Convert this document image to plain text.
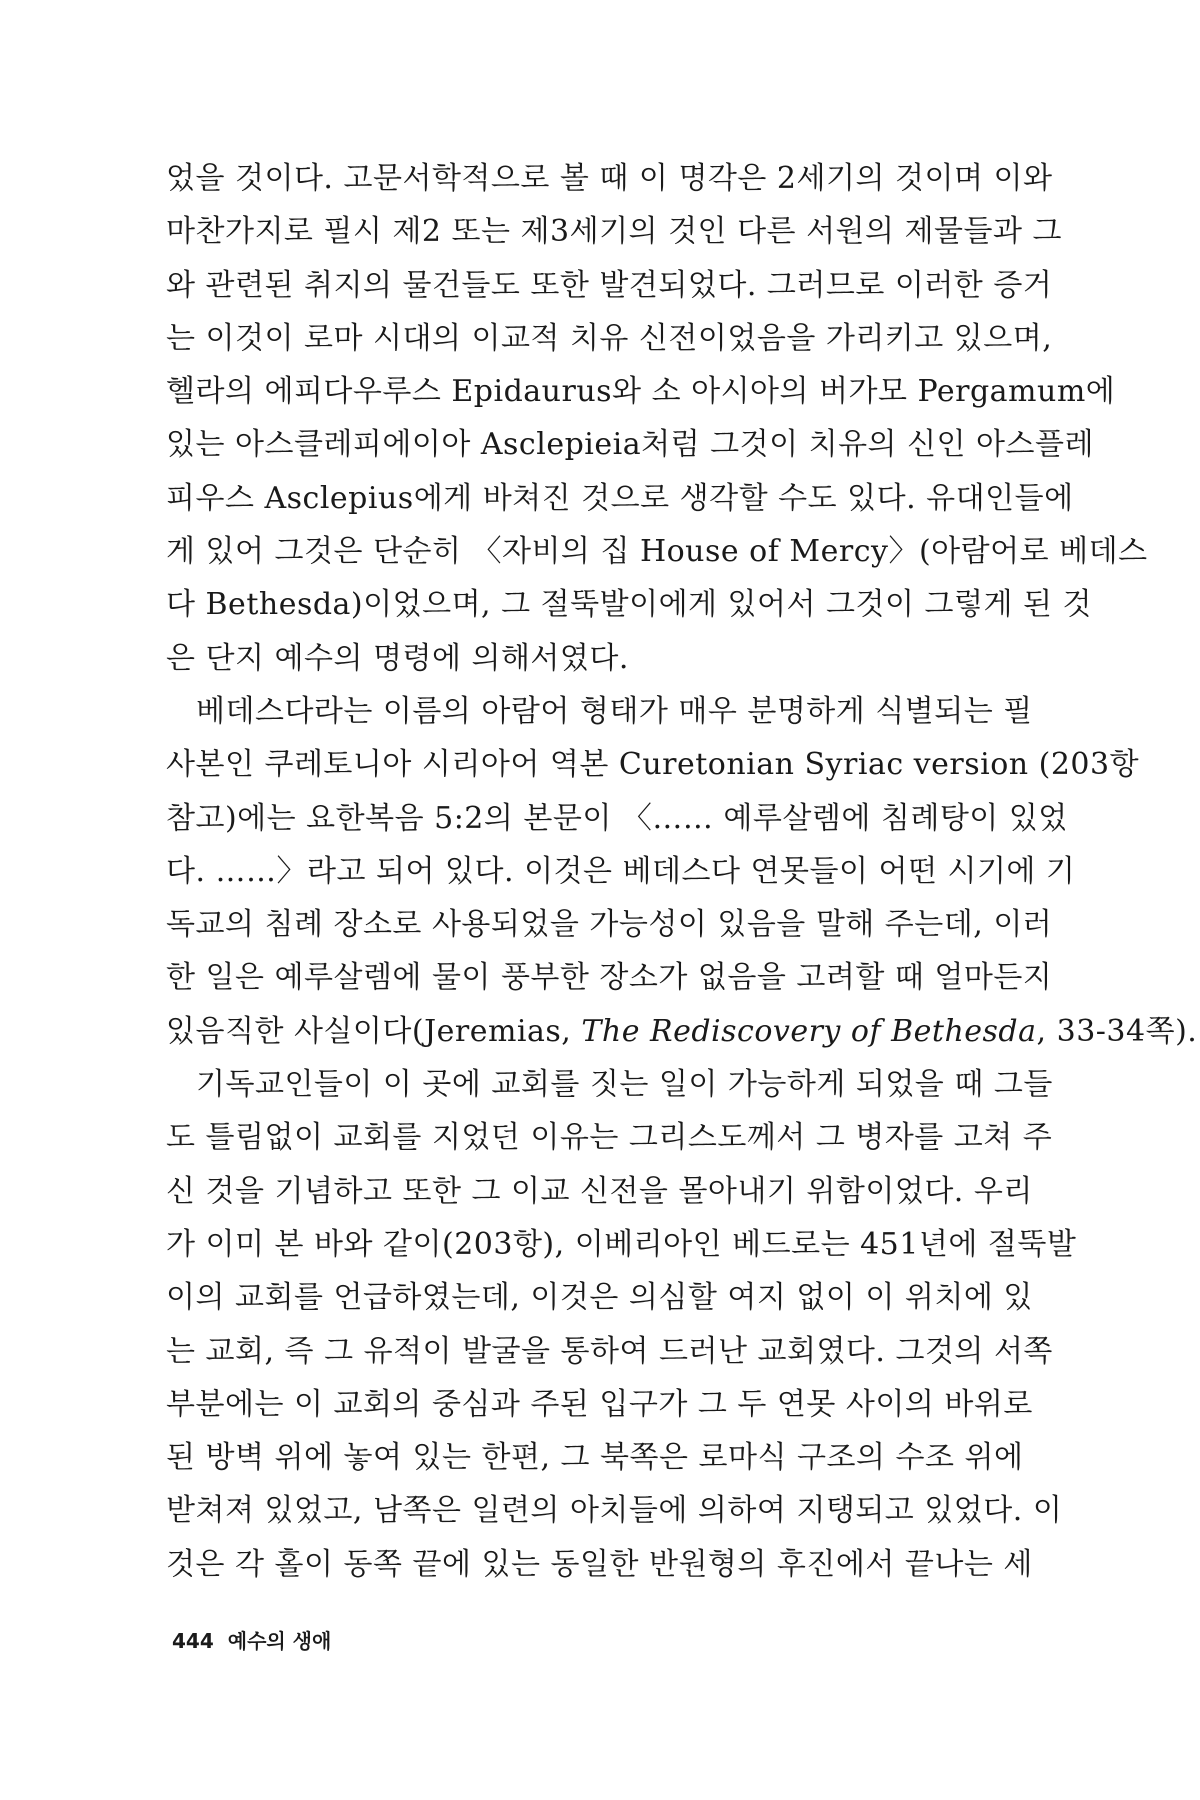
었을 것이다. 고문서학적으로 볼 때 이 명각은 2세기의 것이며 이와
마찬가지로 필시 제2 또는 제3세기의 것인 다른 서원의 제물들과 그
와 관련된 취지의 물건들도 또한 발견되었다. 그러므로 이러한 증거
는 이것이 로마 시대의 이교적 치유 신전이었음을 가리키고 있으며,
헬라의 에피다우루스 Epidaurus와 소 아시아의 버가모 Pergamum에
있는 아스클레피에이아 Asclepieia처럼 그것이 치유의 신인 아스플레
피우스 Asclepius에게 바쳐진 것으로 생각할 수도 있다. 유대인들에
게 있어 그것은 단순히 〈자비의 집 House of Mercy〉(아람어로 베데스
다 Bethesda)이었으며, 그 절뚝발이에게 있어서 그것이 그렇게 된 것
은 단지 예수의 명령에 의해서였다.
베데스다라는 이름의 아람어 형태가 매우 분명하게 식별되는 필
사본인 쿠레토니아 시리아어 역본 Curetonian Syriac version (203항
참고)에는 요한복음 5:2의 본문이 〈…… 예루살렘에 침례탕이 있었
다. ……〉라고 되어 있다. 이것은 베데스다 연못들이 어떤 시기에 기
독교의 침례 장소로 사용되었을 가능성이 있음을 말해 주는데, 이러
한 일은 예루살렘에 물이 풍부한 장소가 없음을 고려할 때 얼마든지
있음직한 사실이다(Jeremias, The Rediscovery of Bethesda, 33-34쪽).
기독교인들이 이 곳에 교회를 짓는 일이 가능하게 되었을 때 그들
도 틀림없이 교회를 지었던 이유는 그리스도께서 그 병자를 고쳐 주
신 것을 기념하고 또한 그 이교 신전을 몰아내기 위함이었다. 우리
가 이미 본 바와 같이(203항), 이베리아인 베드로는 451년에 절뚝발
이의 교회를 언급하였는데, 이것은 의심할 여지 없이 이 위치에 있
는 교회, 즉 그 유적이 발굴을 통하여 드러난 교회였다. 그것의 서쪽
부분에는 이 교회의 중심과 주된 입구가 그 두 연못 사이의 바위로
된 방벽 위에 놓여 있는 한편, 그 북쪽은 로마식 구조의 수조 위에
받쳐져 있었고, 남쪽은 일련의 아치들에 의하여 지탱되고 있었다. 이
것은 각 홀이 동쪽 끝에 있는 동일한 반원형의 후진에서 끝나는 세
444 예수의 생애
